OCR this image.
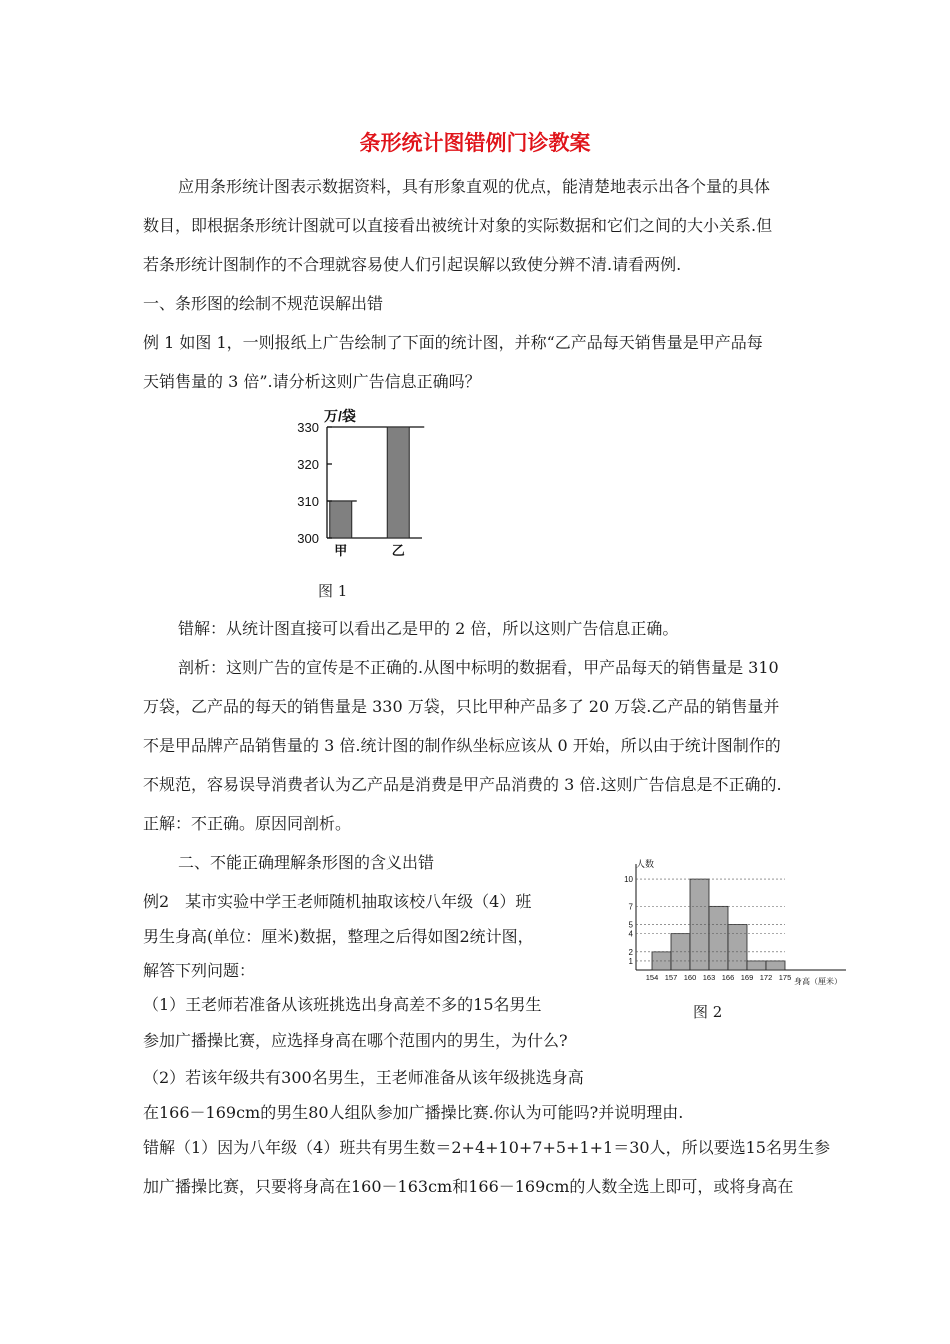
条形统计图错例门诊教案
应用条形统计图表示数据资料，具有形象直观的优点，能清楚地表示出各个量的具体
数目，即根据条形统计图就可以直接看出被统计对象的实际数据和它们之间的大小关系.但
若条形统计图制作的不合理就容易使人们引起误解以致使分辨不清.请看两例.
一、条形图的绘制不规范误解出错
例 1 如图 1，一则报纸上广告绘制了下面的统计图，并称“乙产品每天销售量是甲产品每
天销售量的 3 倍”.请分析这则广告信息正确吗？
万/袋
300
310
320
330
甲	乙
图 1
错解：从统计图直接可以看出乙是甲的 2 倍，所以这则广告信息正确。
剖析：这则广告的宣传是不正确的.从图中标明的数据看，甲产品每天的销售量是 310
万袋，乙产品的每天的销售量是 330 万袋，只比甲种产品多了 20 万袋.乙产品的销售量并
不是甲品牌产品销售量的 3 倍.统计图的制作纵坐标应该从 0 开始，所以由于统计图制作的
不规范，容易误导消费者认为乙产品是消费是甲产品消费的 3 倍.这则广告信息是不正确的.
正解：不正确。原因同剖析。
二、不能正确理解条形图的含义出错
例2　某市实验中学王老师随机抽取该校八年级（4）班
男生身高(单位：厘米)数据，整理之后得如图2统计图，
解答下列问题：
（1）王老师若准备从该班挑选出身高差不多的15名男生
参加广播操比赛，应选择身高在哪个范围内的男生，为什么?
（2）若该年级共有300名男生，王老师准备从该年级挑选身高
在166－169cm的男生80人组队参加广播操比赛.你认为可能吗?并说明理由.
错解（1）因为八年级（4）班共有男生数＝2+4+10+7+5+1+1＝30人，所以要选15名男生参
加广播操比赛，只要将身高在160－163cm和166－169cm的人数全选上即可，或将身高在
人数
身高（厘米）
1
2
4
5
7
10
154 157 160 163 166 169 172 175
图 2
